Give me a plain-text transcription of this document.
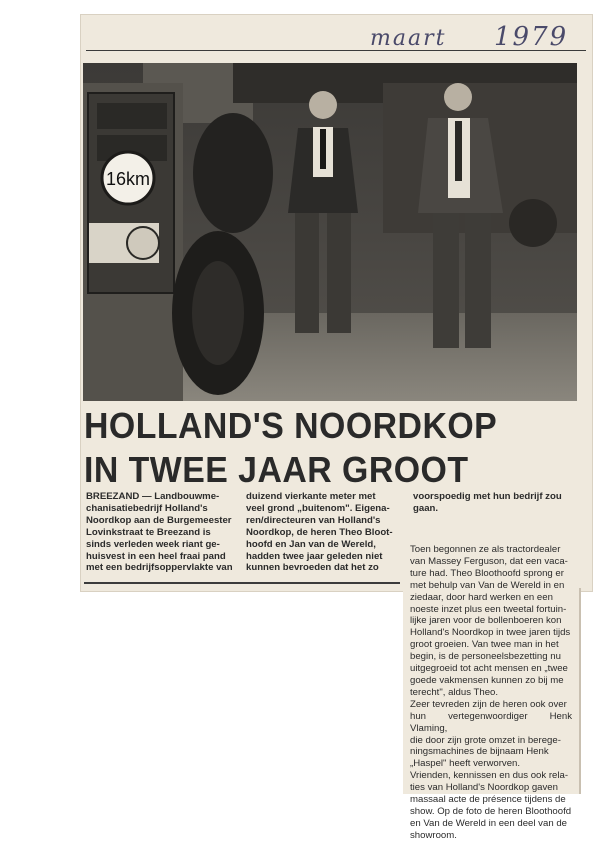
maart 1979
16km
HOLLAND'S NOORDKOP
IN TWEE JAAR GROOT
BREEZAND — Landbouwme-
chanisatiebedrijf Holland's
Noordkop aan de Burgemeester
Lovinkstraat te Breezand is
sinds verleden week riant ge-
huisvest in een heel fraai pand
met een bedrijfsoppervlakte van
duizend vierkante meter met
veel grond „buitenom". Eigena-
ren/directeuren van Holland's
Noordkop, de heren Theo Bloot-
hoofd en Jan van de Wereld,
hadden twee jaar geleden niet
kunnen bevroeden dat het zo
voorspoedig met hun bedrijf zou
gaan.
Toen begonnen ze als tractordealer
van Massey Ferguson, dat een vaca-
ture had. Theo Bloothoofd sprong er
met behulp van Van de Wereld in en
ziedaar, door hard werken en een
noeste inzet plus een tweetal fortuin-
lijke jaren voor de bollenboeren kon
Holland's Noordkop in twee jaren tijds
groot groeien. Van twee man in het
begin, is de personeelsbezetting nu
uitgegroeid tot acht mensen en „twee
goede vakmensen kunnen zo bij me
terecht", aldus Theo.
Zeer tevreden zijn de heren ook over
hun vertegenwoordiger Henk Vlaming,
die door zijn grote omzet in beregе-
ningsmachines de bijnaam Henk
„Haspel" heeft verworven.
Vrienden, kennissen en dus ook rela-
ties van Holland's Noordkop gaven
massaal acte de présence tijdens de
show. Op de foto de heren Bloothoofd
en Van de Wereld in een deel van de
showroom.
